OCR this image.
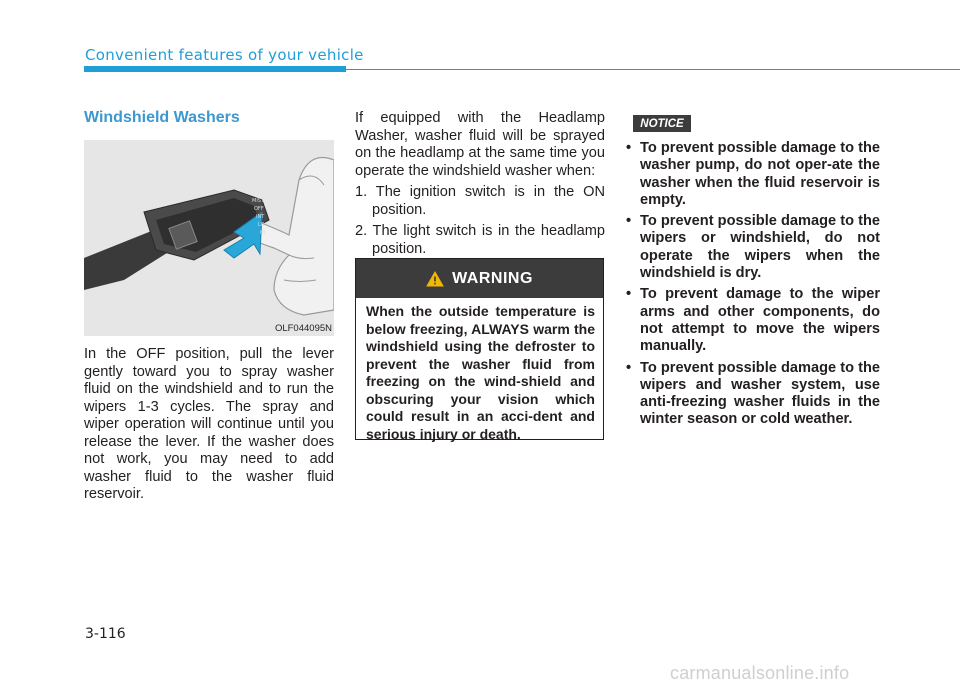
Convenient features of your vehicle
Windshield Washers
MIST
OFF
INT
LO
HI
OLF044095N

In the OFF position, pull the lever gently toward you to spray washer fluid on the windshield and to run the wipers 1-3 cycles. The spray and wiper operation will continue until you release the lever. If the washer does not work, you may need to add washer fluid to the washer fluid reservoir.

If equipped with the Headlamp Washer, washer fluid will be sprayed on the headlamp at the same time you operate the windshield washer when:

1. The ignition switch is in the ON position.
2. The light switch is in the headlamp position.
WARNING
When the outside temperature is below freezing, ALWAYS warm the windshield using the defroster to prevent the washer fluid from freezing on the wind-shield and obscuring your vision which could result in an acci-dent and serious injury or death.
NOTICE
• To prevent possible damage to the washer pump, do not oper-ate the washer when the fluid reservoir is empty.
• To prevent possible damage to the wipers or windshield, do not operate the wipers when the windshield is dry.
• To prevent damage to the wiper arms and other components, do not attempt to move the wipers manually.
• To prevent possible damage to the wipers and washer system, use anti-freezing washer fluids in the winter season or cold weather.
3-116
carmanualsonline.info
